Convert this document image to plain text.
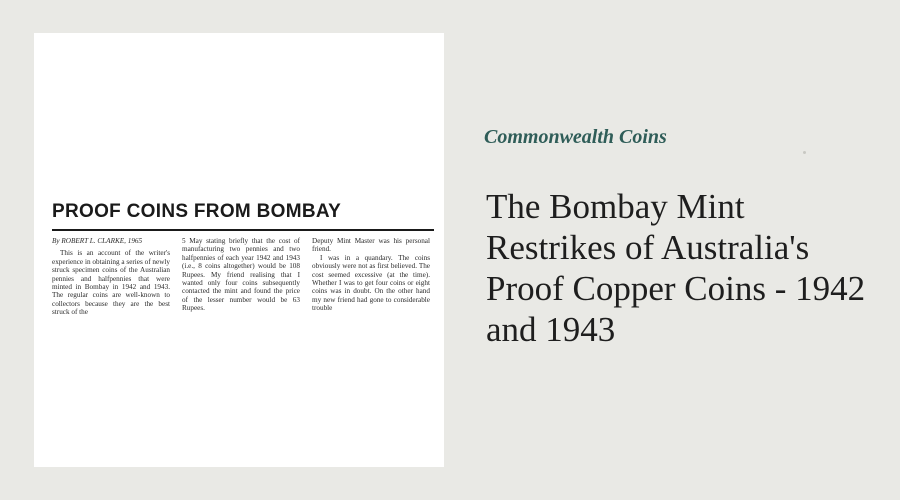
PROOF COINS FROM BOMBAY
By ROBERT L. CLARKE, 1965

This is an account of the writer's experience in obtaining a series of newly struck specimen coins of the Australian pennies and halfpennies that were minted in Bombay in 1942 and 1943. The regular coins are well-known to collectors because they are the best struck of the

5 May stating briefly that the cost of manufacturing two pennies and two halfpennies of each year 1942 and 1943 (i.e., 8 coins altogether) would be 108 Rupees. My friend realising that I wanted only four coins subsequently contacted the mint and found the price of the lesser number would be 63 Rupees.

Deputy Mint Master was his personal friend.

I was in a quandary. The coins obviously were not as first believed. The cost seemed excessive (at the time). Whether I was to get four coins or eight coins was in doubt. On the other hand my new friend had gone to considerable trouble

Commonwealth Coins
The Bombay Mint Restrikes of Australia's Proof Copper Coins - 1942 and 1943
